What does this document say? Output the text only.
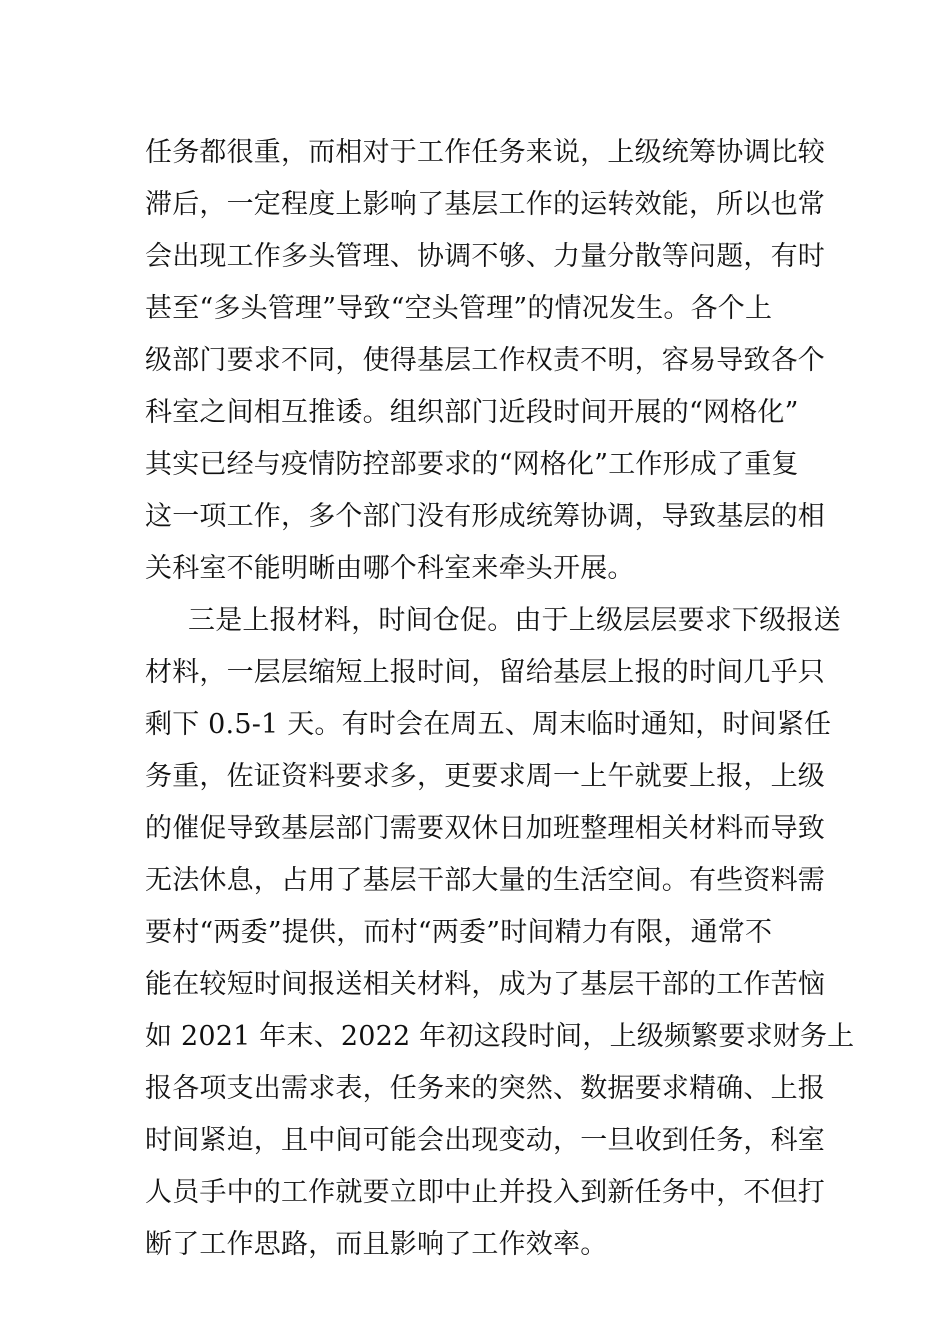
任务都很重，而相对于工作任务来说，上级统筹协调比较
滞后，一定程度上影响了基层工作的运转效能，所以也常
会出现工作多头管理、协调不够、力量分散等问题，有时
甚至“多头管理”导致“空头管理”的情况发生。各个上
级部门要求不同，使得基层工作权责不明，容易导致各个
科室之间相互推诿。组织部门近段时间开展的“网格化”
其实已经与疫情防控部要求的“网格化”工作形成了重复
这一项工作，多个部门没有形成统筹协调，导致基层的相
关科室不能明晰由哪个科室来牵头开展。
三是上报材料，时间仓促。由于上级层层要求下级报送
材料，一层层缩短上报时间，留给基层上报的时间几乎只
剩下 0.5-1 天。有时会在周五、周末临时通知，时间紧任
务重，佐证资料要求多，更要求周一上午就要上报，上级
的催促导致基层部门需要双休日加班整理相关材料而导致
无法休息，占用了基层干部大量的生活空间。有些资料需
要村“两委”提供，而村“两委”时间精力有限，通常不
能在较短时间报送相关材料，成为了基层干部的工作苦恼
如 2021 年末、2022 年初这段时间，上级频繁要求财务上
报各项支出需求表，任务来的突然、数据要求精确、上报
时间紧迫，且中间可能会出现变动，一旦收到任务，科室
人员手中的工作就要立即中止并投入到新任务中，不但打
断了工作思路，而且影响了工作效率。
